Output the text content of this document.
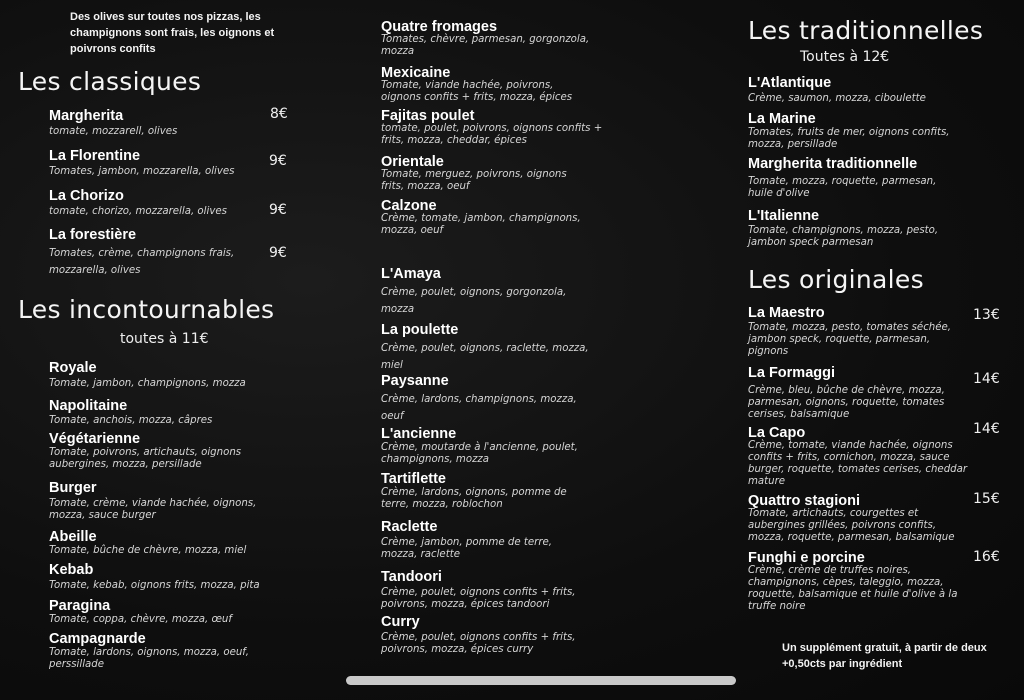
Des olives sur toutes nos pizzas, les champignons sont frais, les oignons et poivrons confits
Les classiques
Margherita
tomate, mozzarell, olives
8€
La Florentine
Tomates, jambon, mozzarella, olives
9€
La Chorizo
tomate, chorizo, mozzarella, olives	9€
La forestière
Tomates, crème, champignons frais, mozzarella, olives
9€
Les incontournables
toutes à 11€
Royale
Tomate, jambon, champignons, mozza
Napolitaine
Tomate, anchois, mozza, câpres
Végétarienne
Tomate, poivrons, artichauts, oignons aubergines, mozza, persillade
Burger
Tomate, crème, viande hachée, oignons, mozza, sauce burger
Abeille
Tomate, bûche de chèvre, mozza, miel
Kebab
Tomate, kebab, oignons frits, mozza, pita
Paragina
Tomate, coppa, chèvre, mozza, œuf
Campagnarde
Tomate, lardons, oignons, mozza, oeuf, perssillade
Quatre fromages
Tomates, chèvre, parmesan, gorgonzola, mozza
Mexicaine
Tomate, viande hachée, poivrons, oignons confits + frits, mozza, épices
Fajitas poulet
tomate, poulet, poivrons, oignons confits + frits, mozza, cheddar, épices
Orientale
Tomate, merguez, poivrons, oignons frits, mozza, oeuf
Calzone
Crème, tomate, jambon, champignons, mozza, oeuf
L'Amaya
Crème, poulet, oignons, gorgonzola, mozza
La poulette
Crème, poulet, oignons, raclette, mozza, miel
Paysanne
Crème, lardons, champignons, mozza, oeuf
L'ancienne
Crème, moutarde à l'ancienne, poulet, champignons, mozza
Tartiflette
Crème, lardons, oignons, pomme de terre, mozza, roblochon
Raclette
Crème, jambon, pomme de terre, mozza, raclette
Tandoori
Crème, poulet, oignons confits + frits, poivrons, mozza, épices tandoori
Curry
Crème, poulet, oignons confits + frits, poivrons, mozza, épices curry
Les traditionnelles
Toutes à 12€
L'Atlantique
Crème, saumon, mozza, ciboulette
La Marine
Tomates, fruits de mer, oignons confits, mozza, persillade
Margherita traditionnelle
Tomate, mozza, roquette, parmesan, huile d'olive
L'Italienne
Tomate, champignons, mozza, pesto, jambon speck parmesan
Les originales
La Maestro
Tomate, mozza, pesto, tomates séchée, jambon speck, roquette, parmesan, pignons
13€
La Formaggi
Crème, bleu, bûche de chèvre, mozza, parmesan, oignons, roquette, tomates cerises, balsamique
14€
La Capo
Crème, tomate, viande hachée, oignons confits + frits, cornichon, mozza, sauce burger, roquette, tomates cerises, cheddar mature
14€
Quattro stagioni
Tomate, artichauts, courgettes et aubergines grillées, poivrons confits, mozza, roquette, parmesan, balsamique
15€
Funghi e porcine
Crème, crème de truffes noires, champignons, cèpes, taleggio, mozza, roquette, balsamique et huile d'olive à la truffe noire
16€
Un supplément gratuit, à partir de deux +0,50cts par ingrédient
